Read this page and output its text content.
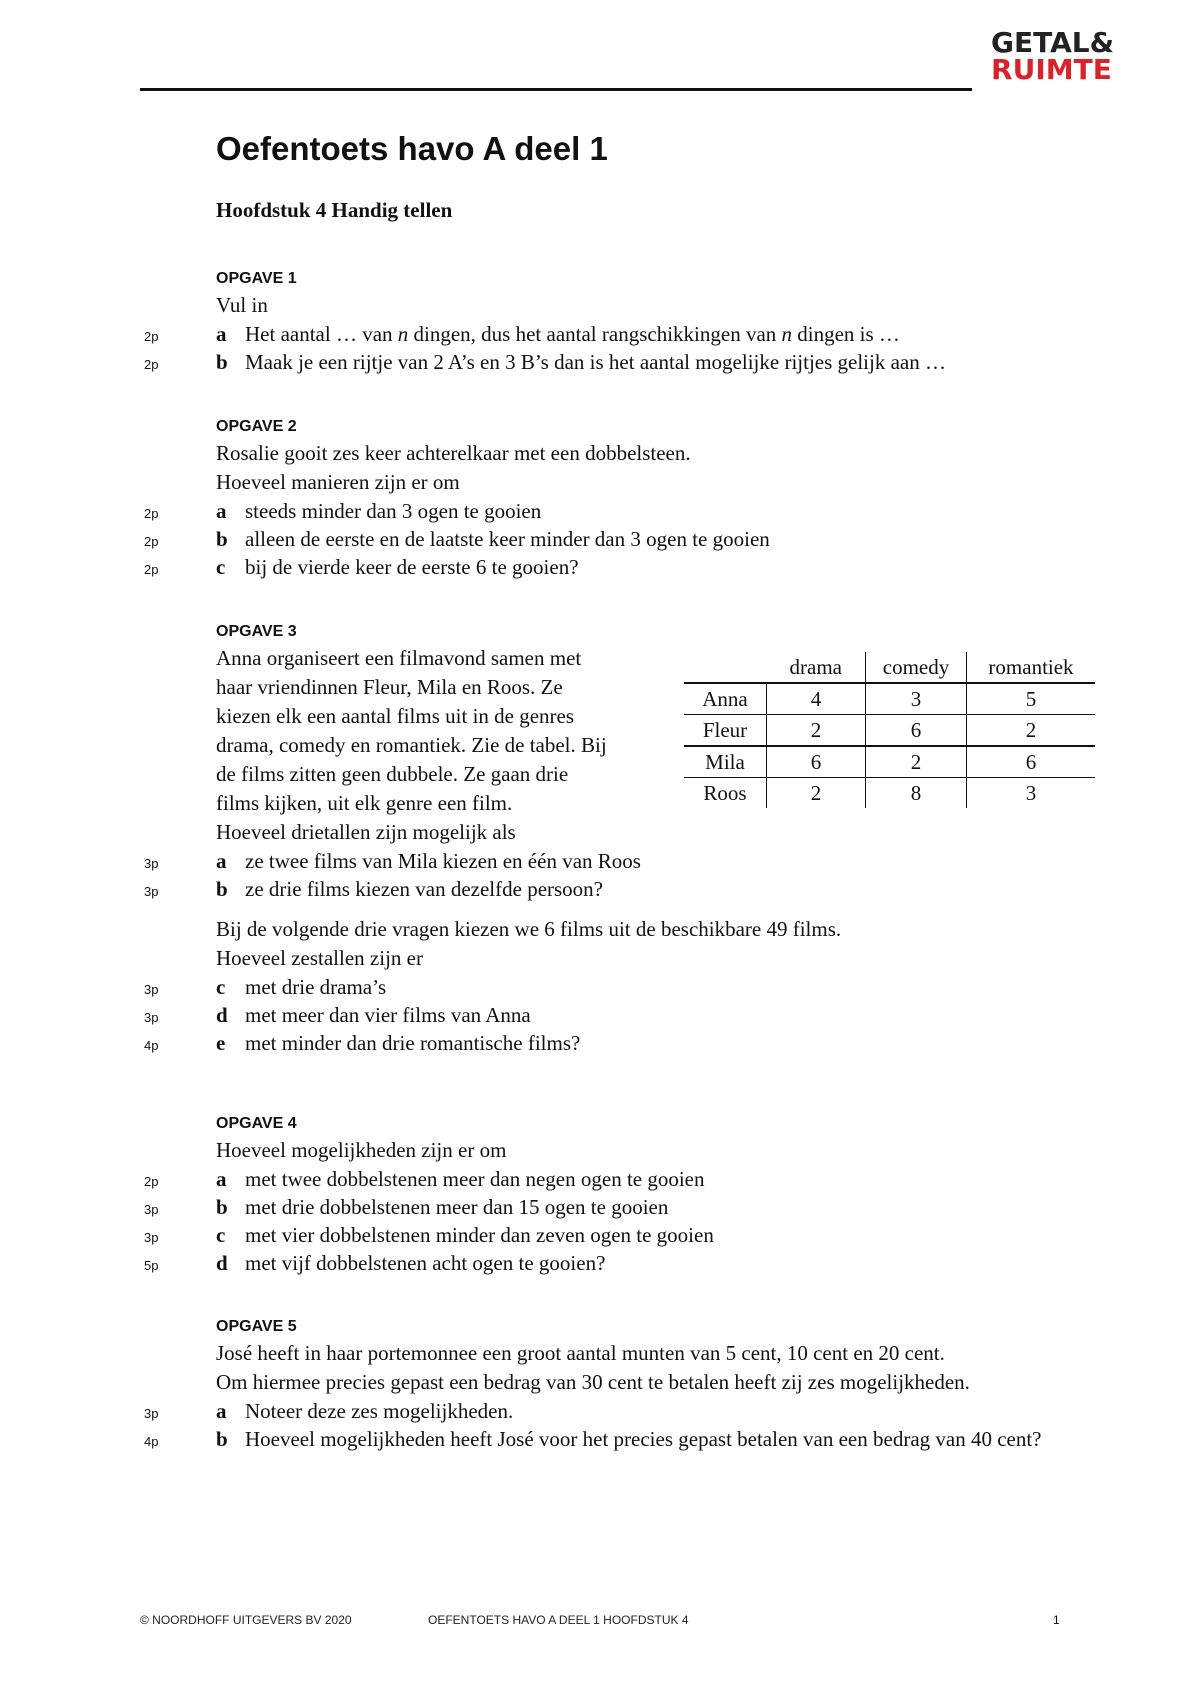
GETAL&
RUIMTE
Oefentoets havo A deel 1
Hoofdstuk 4 Handig tellen
OPGAVE 1
Vul in
2p	a Het aantal … van n dingen, dus het aantal rangschikkingen van n dingen is …
2p	b Maak je een rijtje van 2 A’s en 3 B’s dan is het aantal mogelijke rijtjes gelijk aan …
OPGAVE 2
Rosalie gooit zes keer achterelkaar met een dobbelsteen.
Hoeveel manieren zijn er om
2p	a steeds minder dan 3 ogen te gooien
2p	b alleen de eerste en de laatste keer minder dan 3 ogen te gooien
2p	c bij de vierde keer de eerste 6 te gooien?
OPGAVE 3
Anna organiseert een filmavond samen met
haar vriendinnen Fleur, Mila en Roos. Ze
kiezen elk een aantal films uit in de genres
drama, comedy en romantiek. Zie de tabel. Bij
de films zitten geen dubbele. Ze gaan drie
films kijken, uit elk genre een film.
Hoeveel drietallen zijn mogelijk als
3p	a ze twee films van Mila kiezen en één van Roos
3p	b ze drie films kiezen van dezelfde persoon?
Bij de volgende drie vragen kiezen we 6 films uit de beschikbare 49 films.
Hoeveel zestallen zijn er
3p	c met drie drama’s
3p	d met meer dan vier films van Anna
4p	e met minder dan drie romantische films?
	drama	comedy	romantiek
Anna	4	3	5
Fleur	2	6	2
Mila	6	2	6
Roos	2	8	3
OPGAVE 4
Hoeveel mogelijkheden zijn er om
2p	a met twee dobbelstenen meer dan negen ogen te gooien
3p	b met drie dobbelstenen meer dan 15 ogen te gooien
3p	c met vier dobbelstenen minder dan zeven ogen te gooien
5p	d met vijf dobbelstenen acht ogen te gooien?
OPGAVE 5
José heeft in haar portemonnee een groot aantal munten van 5 cent, 10 cent en 20 cent.
Om hiermee precies gepast een bedrag van 30 cent te betalen heeft zij zes mogelijkheden.
3p	a Noteer deze zes mogelijkheden.
4p	b Hoeveel mogelijkheden heeft José voor het precies gepast betalen van een bedrag van 40 cent?
© NOORDHOFF UITGEVERS BV 2020	OEFENTOETS HAVO A DEEL 1 HOOFDSTUK 4	1
